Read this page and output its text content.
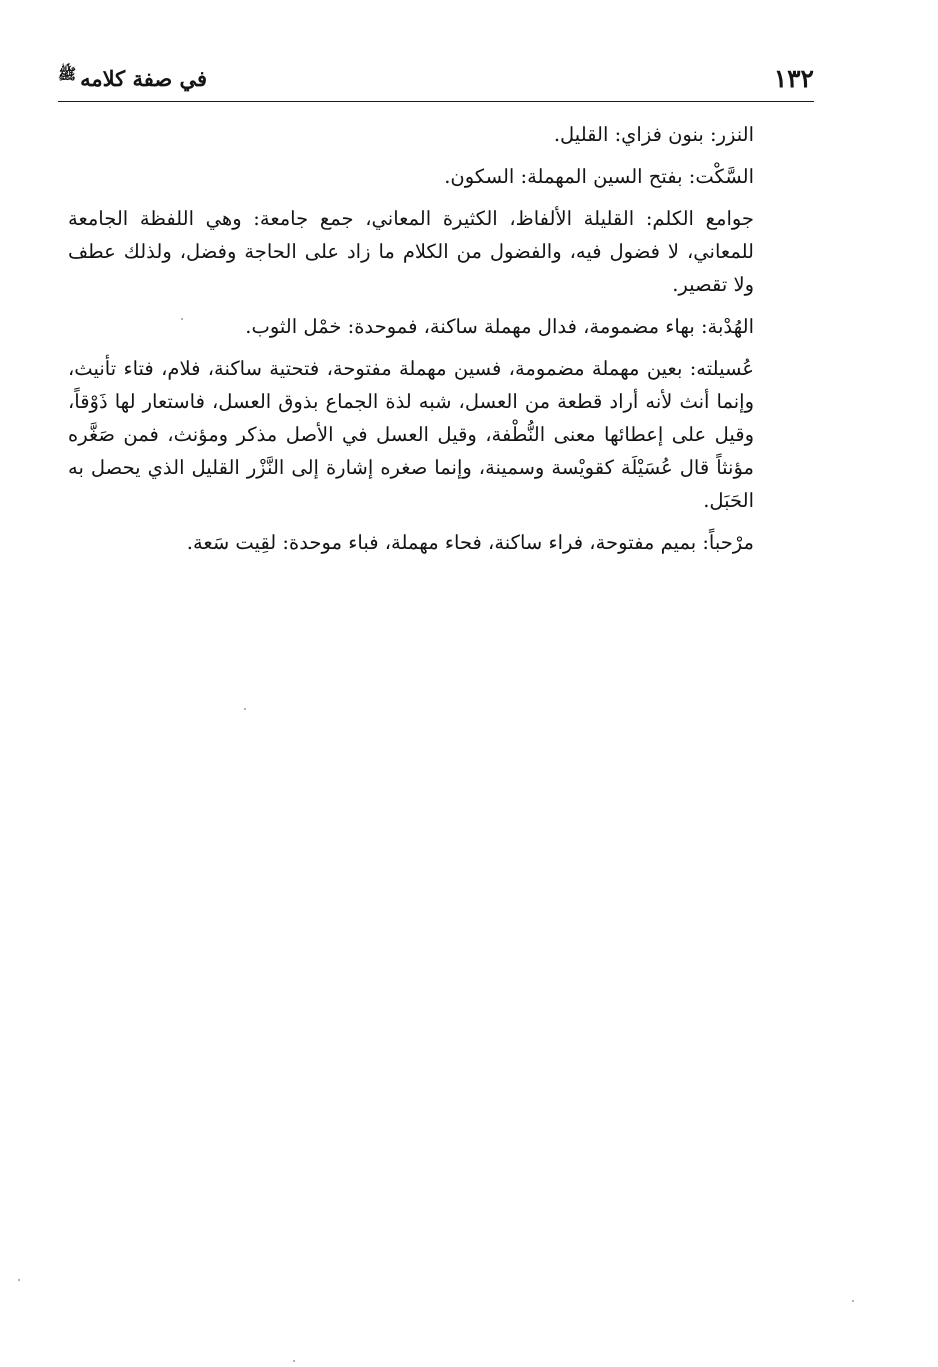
١٣٢
في صفة كلامه
ﷺ

النزر: بنون فزاي: القليل.

السَّكْت: بفتح السين المهملة: السكون.

جوامع الكلم: القليلة الألفاظ، الكثيرة المعاني، جمع جامعة: وهي اللفظة الجامعة للمعاني، لا فضول فيه، والفضول من الكلام ما زاد على الحاجة وفضل، ولذلك عطف ولا تقصير.

الهُدْبة: بهاء مضمومة، فدال مهملة ساكنة، فموحدة: خمْل الثوب.

عُسيلته: بعين مهملة مضمومة، فسين مهملة مفتوحة، فتحتية ساكنة، فلام، فتاء تأنيث، وإنما أنث لأنه أراد قطعة من العسل، شبه لذة الجماع بذوق العسل، فاستعار لها ذَوْقاً، وقيل على إعطائها معنى النُّطْفة، وقيل العسل في الأصل مذكر ومؤنث، فمن صَغَّره مؤنثاً قال عُسَيْلَة كقويْسة وسمينة، وإنما صغره إشارة إلى النَّزْر القليل الذي يحصل به الحَبَل.

مرْحباً: بميم مفتوحة، فراء ساكنة، فحاء مهملة، فباء موحدة: لقِيت سَعة.
